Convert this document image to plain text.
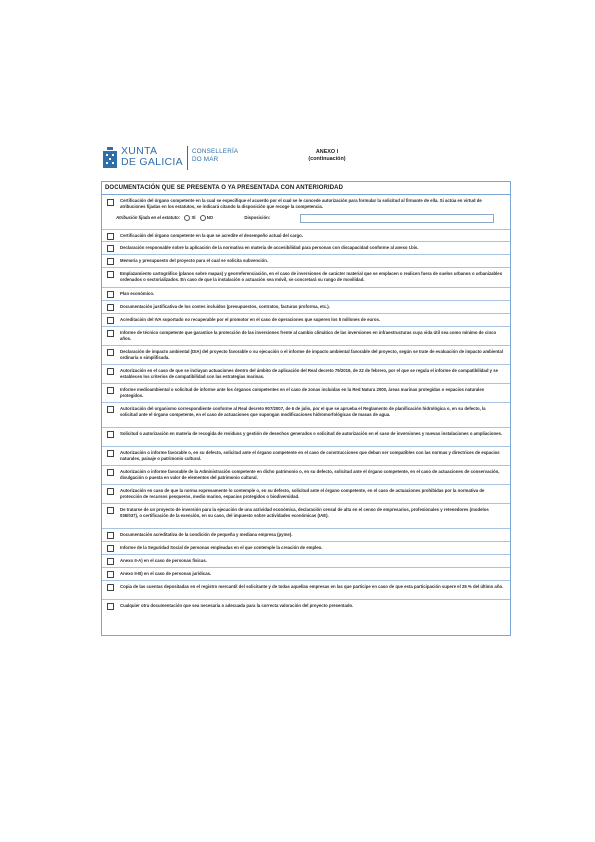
XUNTA
DE GALICIA
CONSELLERÍA
DO MAR
ANEXO I
(continuación)
DOCUMENTACIÓN QUE SE PRESENTA O YA PRESENTADA CON ANTERIORIDAD
Certificación del órgano competente en la cual se especifique el acuerdo por el cual se le concede autorización para formular la solicitud al firmante de ella. Si actúa en virtud de atribuciones fijadas en los estatutos, se indicará citando la disposición que recoge la competencia.
Atribución fijada en el estatuto:	SÍ	NO	Disposición:
Certificación del órgano competente en la que se acredite el desempeño actual del cargo.
Declaración responsable sobre la aplicación de la normativa en materia de accesibilidad para personas con discapacidad conforme al anexo I.bis.
Memoria y presupuesto del proyecto para el cual se solicita subvención.
Emplazamiento cartográfico (planos sobre mapas) y georreferenciación, en el caso de inversiones de carácter material que se emplacen o realicen fuera de suelos urbanos o urbanizables ordenados o sectorializados. En caso de que la instalación o actuación sea móvil, se concretará su rango de movilidad.
Plan económico.
Documentación justificativa de los costes incluidos (presupuestos, contratos, facturas proforma, etc.).
Acreditación del IVA soportado no recuperable por el promotor en el caso de operaciones que superen los 5 millones de euros.
Informe de técnico competente que garantice la protección de las inversiones frente al cambio climático de las inversiones en infraestructuras cuya vida útil sea como mínimo de cinco años.
Declaración de impacto ambiental (DIA) del proyecto favorable o su ejecución o el informe de impacto ambiental favorable del proyecto, según se trate de evaluación de impacto ambiental ordinaria o simplificada.
Autorización en el caso de que se incluyan actuaciones dentro del ámbito de aplicación del Real decreto 79/2019, de 22 de febrero, por el que se regula el informe de compatibilidad y se establecen los criterios de compatibilidad con las estrategias marinas.
Informe medioambiental o solicitud de informe ante los órganos competentes en el caso de zonas incluidas en la Red Natura 2000, áreas marinas protegidas o espacios naturales protegidos.
Autorización del organismo correspondiente conforme al Real decreto 907/2007, de 6 de julio, por el que se aprueba el Reglamento de planificación hidrológica o, en su defecto, la solicitud ante el órgano competente, en el caso de actuaciones que supongan modificaciones hidromorfológicas de masas de agua.
Solicitud o autorización en materia de recogida de residuos y gestión de desechos generados o solicitud de autorización en el caso de inversiones y nuevas instalaciones o ampliaciones.
Autorización o informe favorable o, en su defecto, solicitud ante el órgano competente en el caso de construcciones que deban ser compatibles con las normas y directrices de espacios naturales, paisaje o patrimonio cultural.
Autorización o informe favorable de la Administración competente en dicho patrimonio o, en su defecto, solicitud ante el órgano competente, en el caso de actuaciones de conservación, divulgación o puesta en valor de elementos del patrimonio cultural.
Autorización en caso de que la norma expresamente lo contemple o, en su defecto, solicitud ante el órgano competente, en el caso de actuaciones prohibidas por la normativa de protección de recursos pesqueros, medio marino, espacios protegidos o biodiversidad.
De tratarse de un proyecto de inversión para la ejecución de una actividad económica, declaración censal de alta en el censo de empresarios, profesionales y retenedores (modelos 036/037), o certificación de la exención, en su caso, del impuesto sobre actividades económicas (IAE).
Documentación acreditativa de la condición de pequeña y mediana empresa (pyme).
Informe de la Seguridad Social de personas empleadas en el que contemple la creación de empleo.
Anexo II-A) en el caso de personas físicas.
Anexo II-B) en el caso de personas jurídicas.
Copia de las cuentas depositadas en el registro mercantil del solicitante y de todas aquellas empresas en las que participe en caso de que esta participación supere el 25 % del último año.
Cualquier otra documentación que sea necesaria o adecuada para la correcta valoración del proyecto presentado.
